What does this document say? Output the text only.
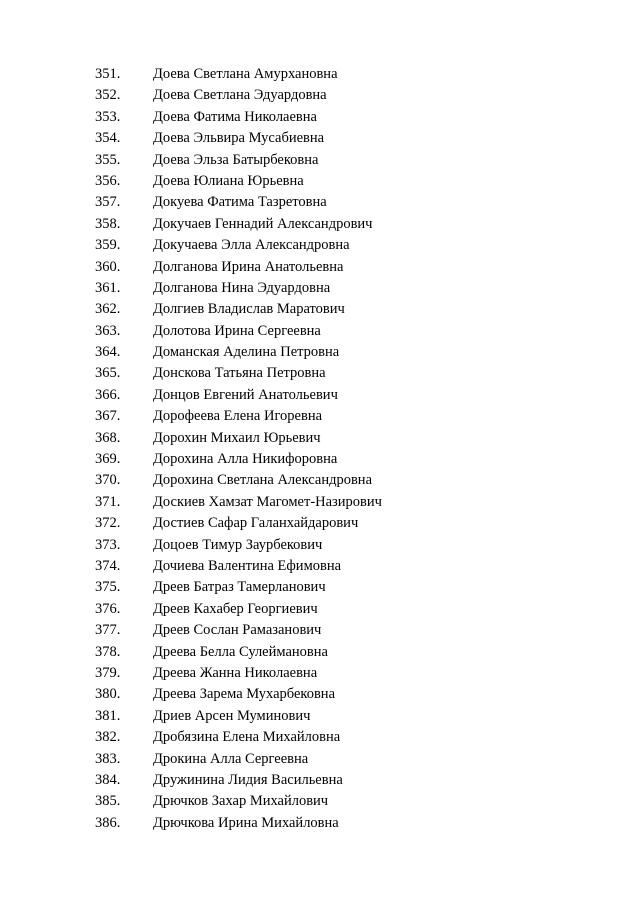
351. Доева Светлана Амурхановна
352. Доева Светлана Эдуардовна
353. Доева Фатима Николаевна
354. Доева Эльвира Мусабиевна
355. Доева Эльза Батырбековна
356. Доева Юлиана Юрьевна
357. Докуева Фатима Тазретовна
358. Докучаев Геннадий Александрович
359. Докучаева Элла Александровна
360. Долганова Ирина Анатольевна
361. Долганова Нина Эдуардовна
362. Долгиев Владислав Маратович
363. Долотова Ирина Сергеевна
364. Доманская Аделина Петровна
365. Донскова Татьяна Петровна
366. Донцов Евгений Анатольевич
367. Дорофеева Елена Игоревна
368. Дорохин Михаил Юрьевич
369. Дорохина Алла Никифоровна
370. Дорохина Светлана Александровна
371. Доскиев Хамзат Магомет-Назирович
372. Достиев Сафар Галанхайдарович
373. Доцоев Тимур Заурбекович
374. Дочиева Валентина Ефимовна
375. Дреев Батраз Тамерланович
376. Дреев Кахабер Георгиевич
377. Дреев Сослан Рамазанович
378. Дреева Белла Сулеймановна
379. Дреева Жанна Николаевна
380. Дреева Зарема Мухарбековна
381. Дриев Арсен Муминович
382. Дробязина Елена Михайловна
383. Дрокина Алла Сергеевна
384. Дружинина Лидия Васильевна
385. Дрючков Захар Михайлович
386. Дрючкова Ирина Михайловна
